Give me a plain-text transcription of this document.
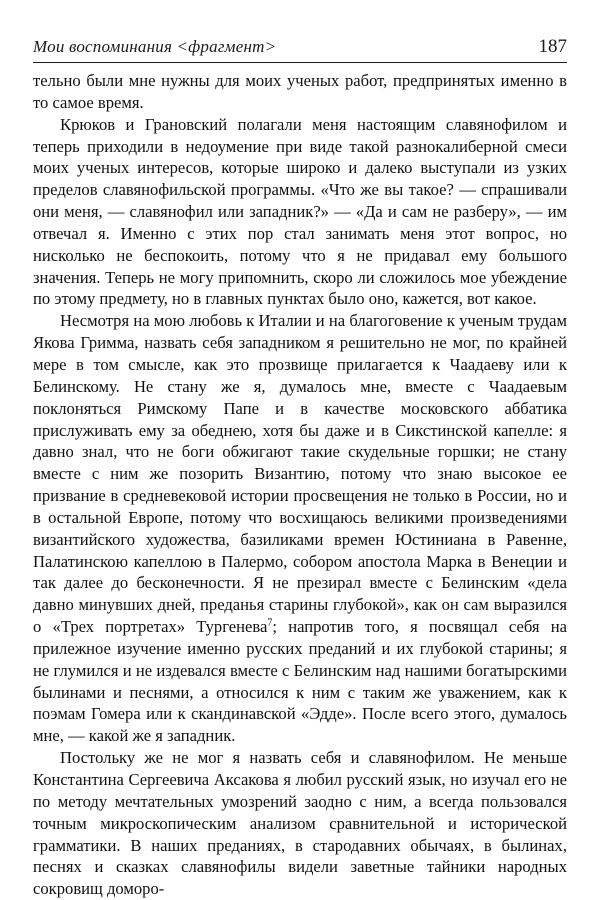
Мои воспоминания <фрагмент>	187

тельно были мне нужны для моих ученых работ, предпринятых именно в то самое время.

Крюков и Грановский полагали меня настоящим славянофилом и теперь приходили в недоумение при виде такой разнокалиберной смеси моих ученых интересов, которые широко и далеко выступали из узких пределов славянофильской программы. «Что же вы такое? — спрашивали они меня, — славянофил или западник?» — «Да и сам не разберу», — им отвечал я. Именно с этих пор стал занимать меня этот вопрос, но нисколько не беспокоить, потому что я не придавал ему большого значения. Теперь не могу припомнить, скоро ли сложилось мое убеждение по этому предмету, но в главных пунктах было оно, кажется, вот какое.

Несмотря на мою любовь к Италии и на благоговение к ученым трудам Якова Гримма, назвать себя западником я решительно не мог, по крайней мере в том смысле, как это прозвище прилагается к Чаадаеву или к Белинскому. Не стану же я, думалось мне, вместе с Чаадаевым поклоняться Римскому Папе и в качестве московского аббатика прислуживать ему за обеднею, хотя бы даже и в Сикстинской капелле: я давно знал, что не боги обжигают такие скудельные горшки; не стану вместе с ним же позорить Византию, потому что знаю высокое ее призвание в средневековой истории просвещения не только в России, но и в остальной Европе, потому что восхищаюсь великими произведениями византийского художества, базиликами времен Юстиниана в Равенне, Палатинскою капеллою в Палермо, собором апостола Марка в Венеции и так далее до бесконечности. Я не презирал вместе с Белинским «дела давно минувших дней, преданья старины глубокой», как он сам выразился о «Трех портретах» Тургенева$^7$; напротив того, я посвящал себя на прилежное изучение именно русских преданий и их глубокой старины; я не глумился и не издевался вместе с Белинским над нашими богатырскими былинами и песнями, а относился к ним с таким же уважением, как к поэмам Гомера или к скандинавской «Эдде». После всего этого, думалось мне, — какой же я западник.

Постольку же не мог я назвать себя и славянофилом. Не меньше Константина Сергеевича Аксакова я любил русский язык, но изучал его не по методу мечтательных умозрений заодно с ним, а всегда пользовался точным микроскопическим анализом сравнительной и исторической грамматики. В наших преданиях, в стародавних обычаях, в былинах, песнях и сказках славянофилы видели заветные тайники народных сокровищ доморо-
